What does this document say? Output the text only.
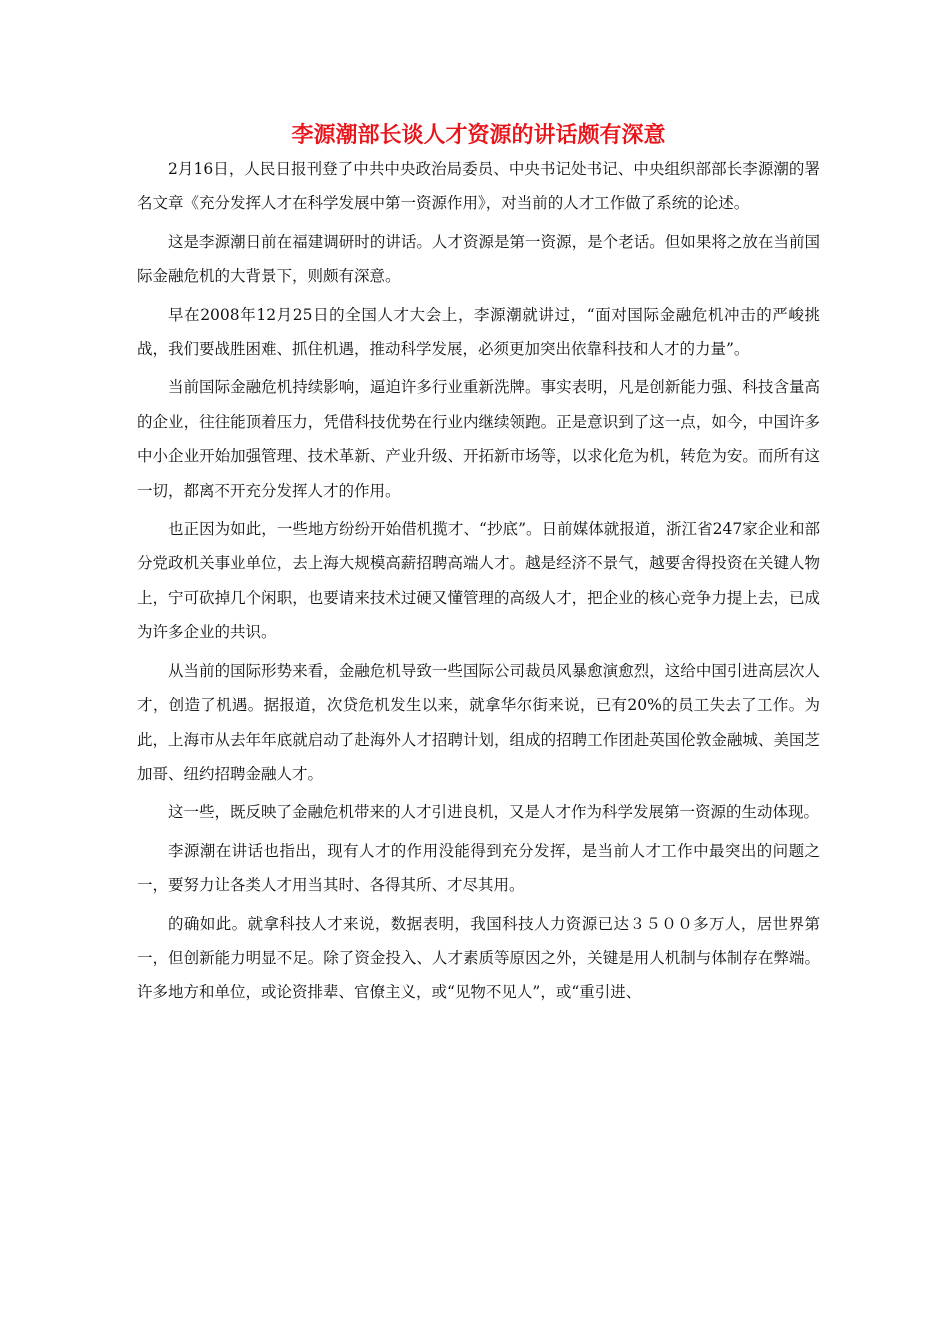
李源潮部长谈人才资源的讲话颇有深意

2月16日，人民日报刊登了中共中央政治局委员、中央书记处书记、中央组织部部长李源潮的署名文章《充分发挥人才在科学发展中第一资源作用》，对当前的人才工作做了系统的论述。

这是李源潮日前在福建调研时的讲话。人才资源是第一资源，是个老话。但如果将之放在当前国际金融危机的大背景下，则颇有深意。

早在2008年12月25日的全国人才大会上，李源潮就讲过，“面对国际金融危机冲击的严峻挑战，我们要战胜困难、抓住机遇，推动科学发展，必须更加突出依靠科技和人才的力量”。

当前国际金融危机持续影响，逼迫许多行业重新洗牌。事实表明，凡是创新能力强、科技含量高的企业，往往能顶着压力，凭借科技优势在行业内继续领跑。正是意识到了这一点，如今，中国许多中小企业开始加强管理、技术革新、产业升级、开拓新市场等，以求化危为机，转危为安。而所有这一切，都离不开充分发挥人才的作用。

也正因为如此，一些地方纷纷开始借机揽才、“抄底”。日前媒体就报道，浙江省247家企业和部分党政机关事业单位，去上海大规模高薪招聘高端人才。越是经济不景气，越要舍得投资在关键人物上，宁可砍掉几个闲职，也要请来技术过硬又懂管理的高级人才，把企业的核心竞争力提上去，已成为许多企业的共识。

从当前的国际形势来看，金融危机导致一些国际公司裁员风暴愈演愈烈，这给中国引进高层次人才，创造了机遇。据报道，次贷危机发生以来，就拿华尔街来说，已有20%的员工失去了工作。为此，上海市从去年年底就启动了赴海外人才招聘计划，组成的招聘工作团赴英国伦敦金融城、美国芝加哥、纽约招聘金融人才。

这一些，既反映了金融危机带来的人才引进良机，又是人才作为科学发展第一资源的生动体现。

李源潮在讲话也指出，现有人才的作用没能得到充分发挥，是当前人才工作中最突出的问题之一，要努力让各类人才用当其时、各得其所、才尽其用。

的确如此。就拿科技人才来说，数据表明，我国科技人力资源已达３５００多万人，居世界第一，但创新能力明显不足。除了资金投入、人才素质等原因之外，关键是用人机制与体制存在弊端。许多地方和单位，或论资排辈、官僚主义，或“见物不见人”，或“重引进、
